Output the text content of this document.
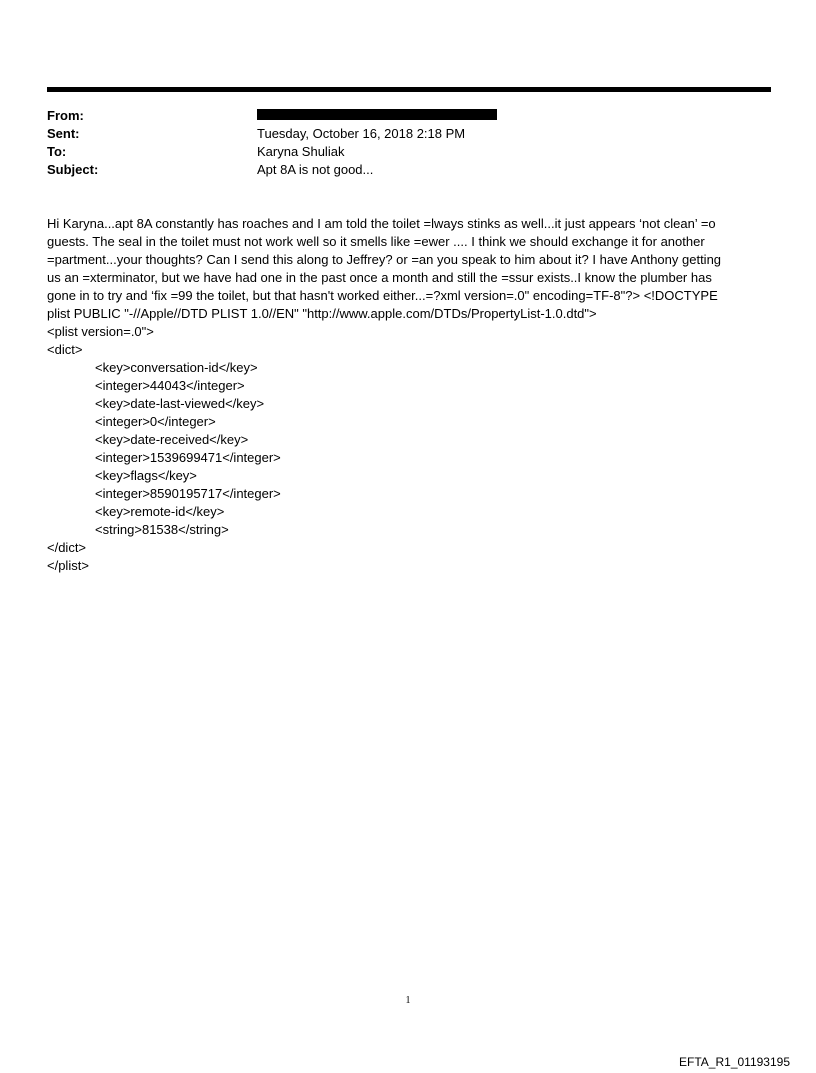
From:
Sent:	Tuesday, October 16, 2018 2:18 PM
To:	Karyna Shuliak
Subject:	Apt 8A is not good...

Hi Karyna...apt 8A constantly has roaches and I am told the toilet =lways stinks as well...it just appears ‘not clean’ =o

guests. The seal in the toilet must not work well so it smells like =ewer .... I think we should exchange it for another

=partment...your thoughts? Can I send this along to Jeffrey? or =an you speak to him about it? I have Anthony getting

us an =xterminator, but we have had one in the past once a month and still the =ssur exists..I know the plumber has

gone in to try and ‘fix =99 the toilet, but that hasn't worked either...=?xml version=.0" encoding=TF-8"?> <!DOCTYPE

plist PUBLIC "-//Apple//DTD PLIST 1.0//EN" "http://www.apple.com/DTDs/PropertyList-1.0.dtd">

<plist version=.0">

<dict>

<key>conversation-id</key>

<integer>44043</integer>

<key>date-last-viewed</key>

<integer>0</integer>

<key>date-received</key>

<integer>1539699471</integer>

<key>flags</key>

<integer>8590195717</integer>

<key>remote-id</key>

<string>81538</string>

</dict>

</plist>

1
EFTA_R1_01193195
